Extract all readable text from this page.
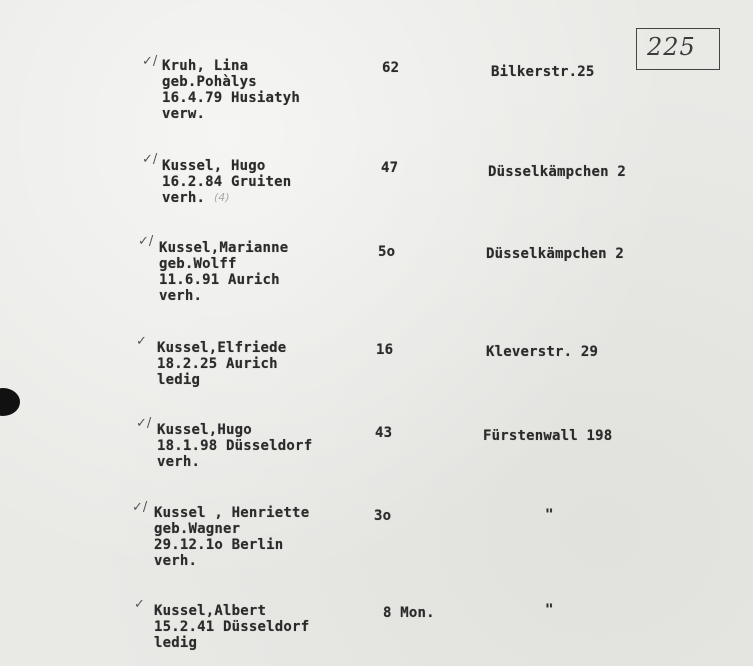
225
✓/ Kruh, Lina
geb.Pohàlys
16.4.79 Husiatyh
verw.
62	Bilkerstr.25
✓/ Kussel, Hugo
16.2.84 Gruiten
verh. (4)
47	Düsselkämpchen 2
✓/ Kussel,Marianne
geb.Wolff
11.6.91 Aurich
verh.
5o	Düsselkämpchen 2
✓ Kussel,Elfriede
18.2.25 Aurich
ledig
16	Kleverstr. 29
✓/ Kussel,Hugo
18.1.98 Düsseldorf
verh.
43	Fürstenwall 198
✓/ Kussel , Henriette
geb.Wagner
29.12.1o Berlin
verh.
3o	"
✓ Kussel,Albert
15.2.41 Düsseldorf
ledig
8 Mon.	"
